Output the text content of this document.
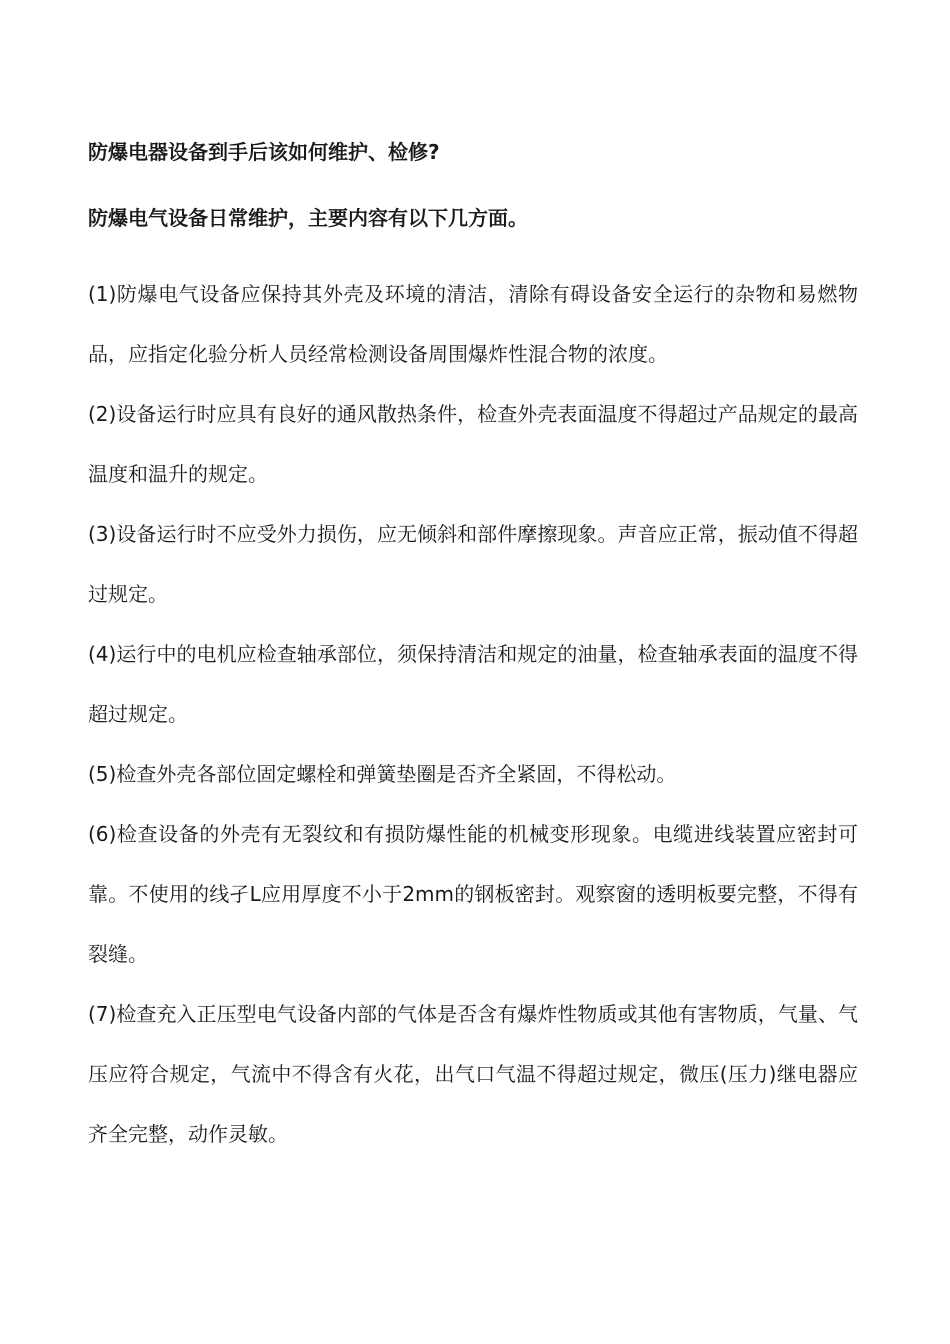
防爆电器设备到手后该如何维护、检修?

防爆电气设备日常维护，主要内容有以下几方面。

(1)防爆电气设备应保持其外壳及环境的清洁，清除有碍设备安全运行的杂物和易燃物品，应指定化验分析人员经常检测设备周围爆炸性混合物的浓度。

(2)设备运行时应具有良好的通风散热条件，检查外壳表面温度不得超过产品规定的最高温度和温升的规定。

(3)设备运行时不应受外力损伤，应无倾斜和部件摩擦现象。声音应正常，振动值不得超过规定。

(4)运行中的电机应检查轴承部位，须保持清洁和规定的油量，检查轴承表面的温度不得超过规定。

(5)检查外壳各部位固定螺栓和弹簧垫圈是否齐全紧固，不得松动。

(6)检查设备的外壳有无裂纹和有损防爆性能的机械变形现象。电缆进线装置应密封可靠。不使用的线孑L应用厚度不小于2mm的钢板密封。观察窗的透明板要完整，不得有裂缝。

(7)检查充入正压型电气设备内部的气体是否含有爆炸性物质或其他有害物质，气量、气压应符合规定，气流中不得含有火花，出气口气温不得超过规定，微压(压力)继电器应齐全完整，动作灵敏。
